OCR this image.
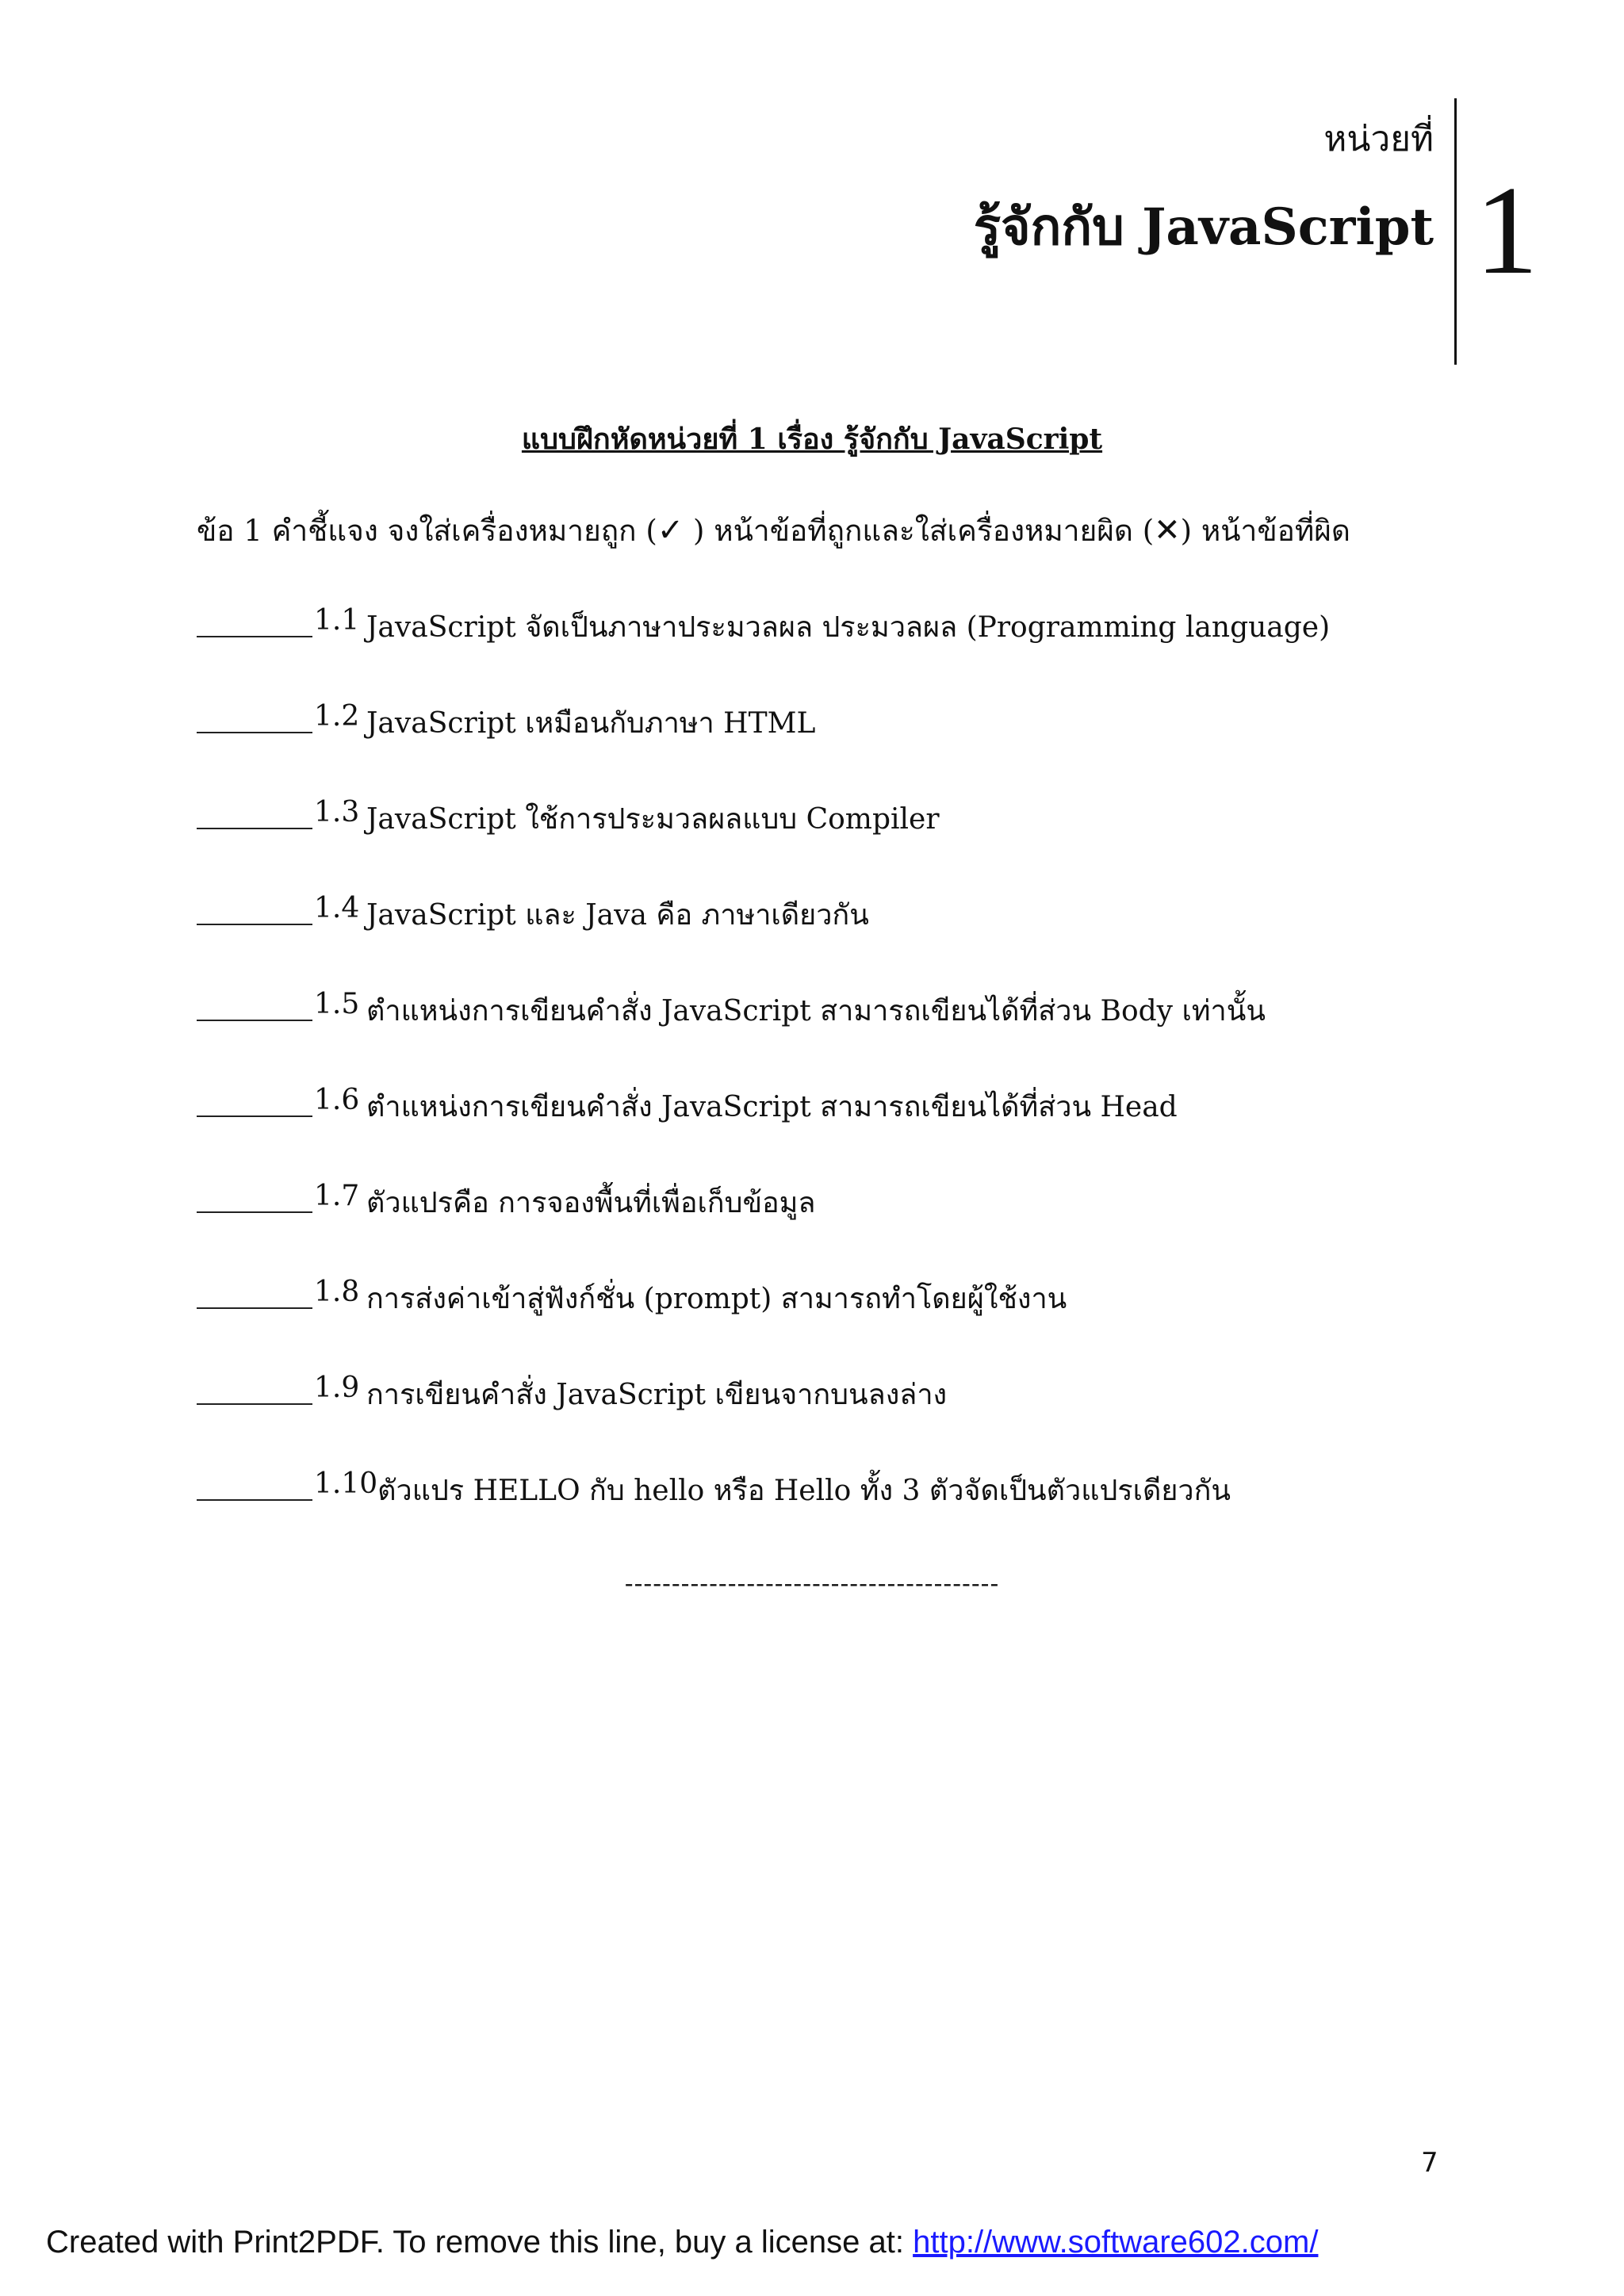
หน่วยที่
รู้จักกับ JavaScript 1
แบบฝึกหัดหน่วยที่ 1 เรื่อง รู้จักกับ JavaScript
ข้อ 1 คำชี้แจง จงใส่เครื่องหมายถูก (✓ ) หน้าข้อที่ถูกและใส่เครื่องหมายผิด (✕) หน้าข้อที่ผิด
1.1 JavaScript จัดเป็นภาษาประมวลผล ประมวลผล (Programming language)
1.2 JavaScript เหมือนกับภาษา HTML
1.3 JavaScript ใช้การประมวลผลแบบ Compiler
1.4 JavaScript และ Java คือ ภาษาเดียวกัน
1.5 ตำแหน่งการเขียนคำสั่ง JavaScript สามารถเขียนได้ที่ส่วน Body เท่านั้น
1.6 ตำแหน่งการเขียนคำสั่ง JavaScript สามารถเขียนได้ที่ส่วน Head
1.7 ตัวแปรคือ การจองพื้นที่เพื่อเก็บข้อมูล
1.8 การส่งค่าเข้าสู่ฟังก์ชั่น (prompt) สามารถทำโดยผู้ใช้งาน
1.9 การเขียนคำสั่ง JavaScript เขียนจากบนลงล่าง
1.10 ตัวแปร HELLO กับ hello หรือ Hello ทั้ง 3 ตัวจัดเป็นตัวแปรเดียวกัน
----------------------------------------
7
Created with Print2PDF. To remove this line, buy a license at: http://www.software602.com/
